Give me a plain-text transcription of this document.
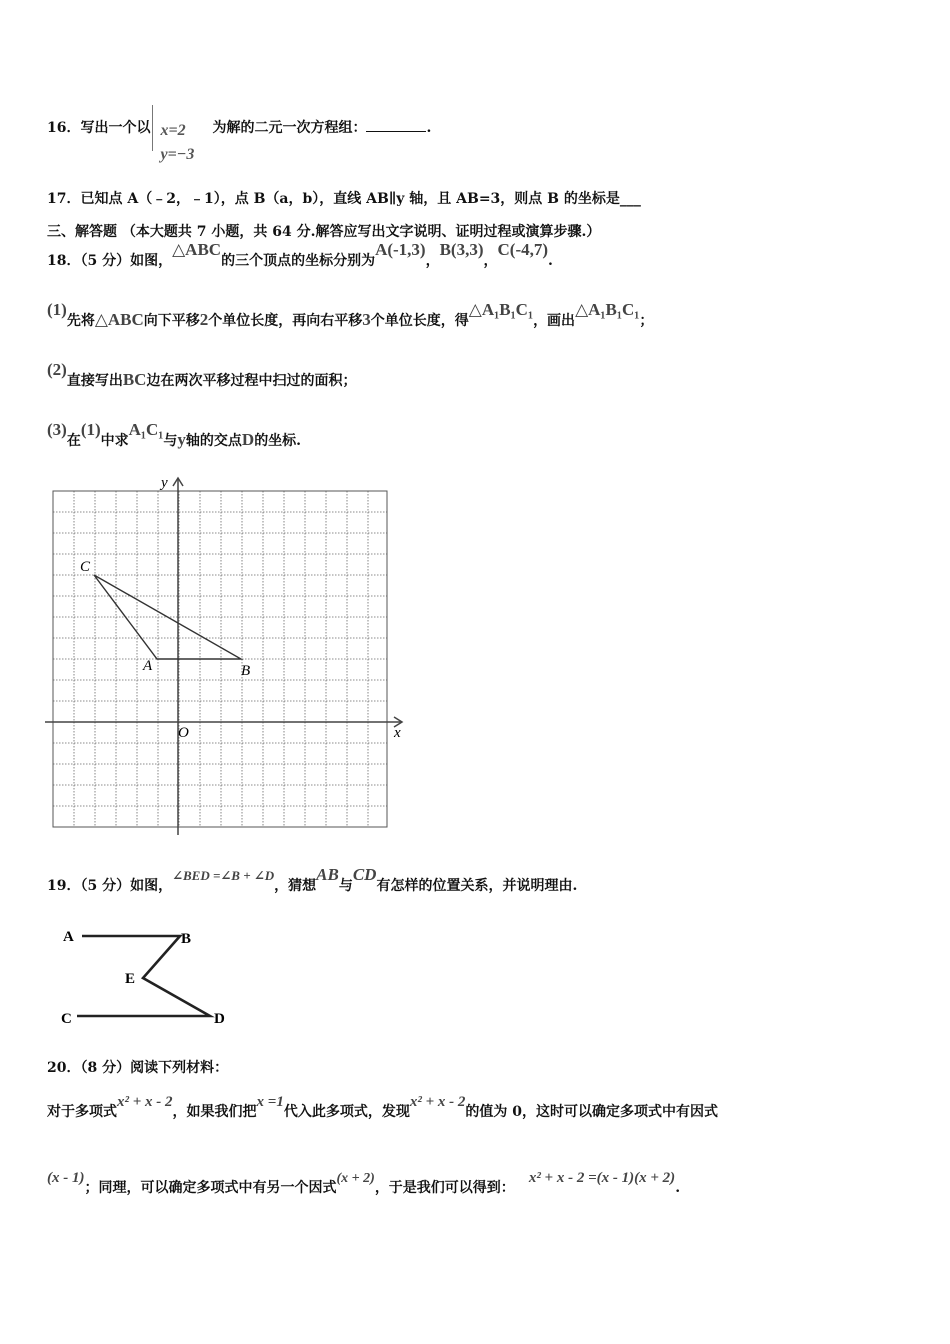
16．写出一个以 x=2
y=−3
为解的二元一次方程组：	.
17．已知点 A（﹣2，﹣1），点 B（a，b），直线 AB∥y 轴，且 AB=3，则点 B 的坐标是___
三、解答题 （本大题共 7 小题，共 64 分.解答应写出文字说明、证明过程或演算步骤.）
18．（5 分）如图，△ABC的三个顶点的坐标分别为A(-1,3)，B(3,3)，C(-4,7).
(1)先将△ABC向下平移2个单位长度，再向右平移3个单位长度，得△A₁B₁C₁，画出△A₁B₁C₁；
(2)直接写出BC边在两次平移过程中扫过的面积；
(3)在(1)中求A₁C₁与y轴的交点D的坐标.
y
x
O
A	B
C
19．（5 分）如图，∠BED =∠B + ∠D，猜想AB与CD有怎样的位置关系，并说明理由.
A	B
E
C	D
20．（8 分）阅读下列材料：
对于多项式x² + x - 2，如果我们把x =1代入此多项式，发现x² + x - 2的值为 0，这时可以确定多项式中有因式
(x - 1)；同理，可以确定多项式中有另一个因式(x + 2)，于是我们可以得到：x² + x - 2 =(x - 1)(x + 2).
